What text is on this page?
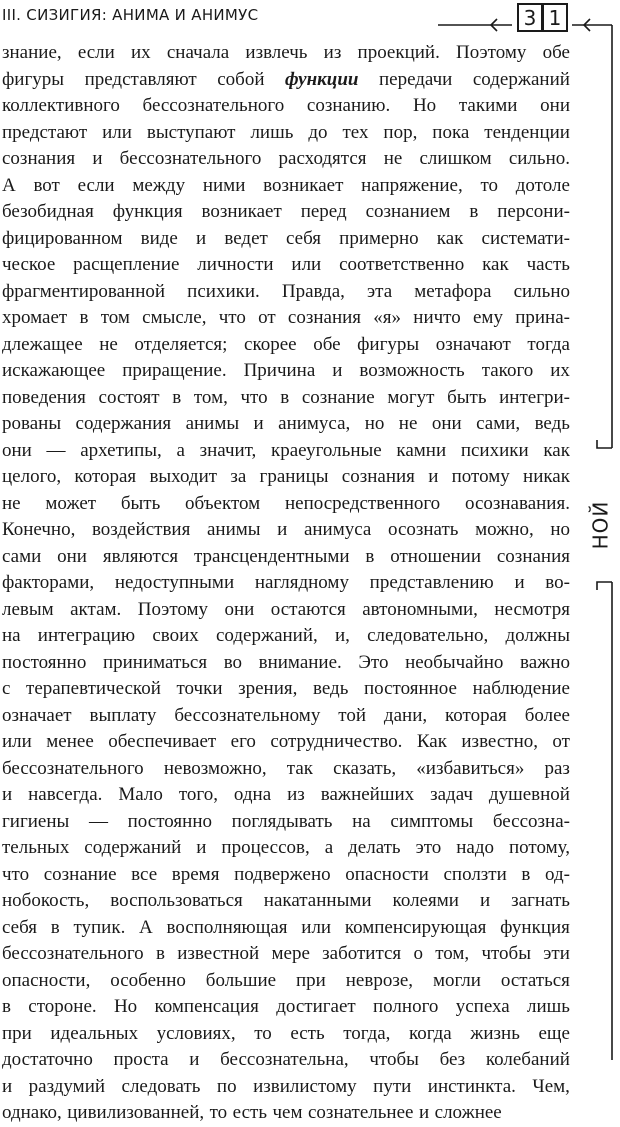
III. СИЗИГИЯ: АНИМА И АНИМУС	3 1
НОЙ
знание, если их сначала извлечь из проекций. Поэтому обе
фигуры представляют собой функции передачи содержаний
коллективного бессознательного сознанию. Но такими они
предстают или выступают лишь до тех пор, пока тенденции
сознания и бессознательного расходятся не слишком сильно.
А вот если между ними возникает напряжение, то дотоле
безобидная функция возникает перед сознанием в персони-
фицированном виде и ведет себя примерно как системати-
ческое расщепление личности или соответственно как часть
фрагментированной психики. Правда, эта метафора сильно
хромает в том смысле, что от сознания «я» ничто ему прина-
длежащее не отделяется; скорее обе фигуры означают тогда
искажающее приращение. Причина и возможность такого их
поведения состоят в том, что в сознание могут быть интегри-
рованы содержания анимы и анимуса, но не они сами, ведь
они — архетипы, а значит, краеугольные камни психики как
целого, которая выходит за границы сознания и потому никак
не может быть объектом непосредственного осознавания.
Конечно, воздействия анимы и анимуса осознать можно, но
сами они являются трансцендентными в отношении сознания
факторами, недоступными наглядному представлению и во-
левым актам. Поэтому они остаются автономными, несмотря
на интеграцию своих содержаний, и, следовательно, должны
постоянно приниматься во внимание. Это необычайно важно
с терапевтической точки зрения, ведь постоянное наблюдение
означает выплату бессознательному той дани, которая более
или менее обеспечивает его сотрудничество. Как известно, от
бессознательного невозможно, так сказать, «избавиться» раз
и навсегда. Мало того, одна из важнейших задач душевной
гигиены — постоянно поглядывать на симптомы бессозна-
тельных содержаний и процессов, а делать это надо потому,
что сознание все время подвержено опасности сползти в од-
нобокость, воспользоваться накатанными колеями и загнать
себя в тупик. А восполняющая или компенсирующая функция
бессознательного в известной мере заботится о том, чтобы эти
опасности, особенно большие при неврозе, могли остаться
в стороне. Но компенсация достигает полного успеха лишь
при идеальных условиях, то есть тогда, когда жизнь еще
достаточно проста и бессознательна, чтобы без колебаний
и раздумий следовать по извилистому пути инстинкта. Чем,
однако, цивилизованней, то есть чем сознательнее и сложнее
